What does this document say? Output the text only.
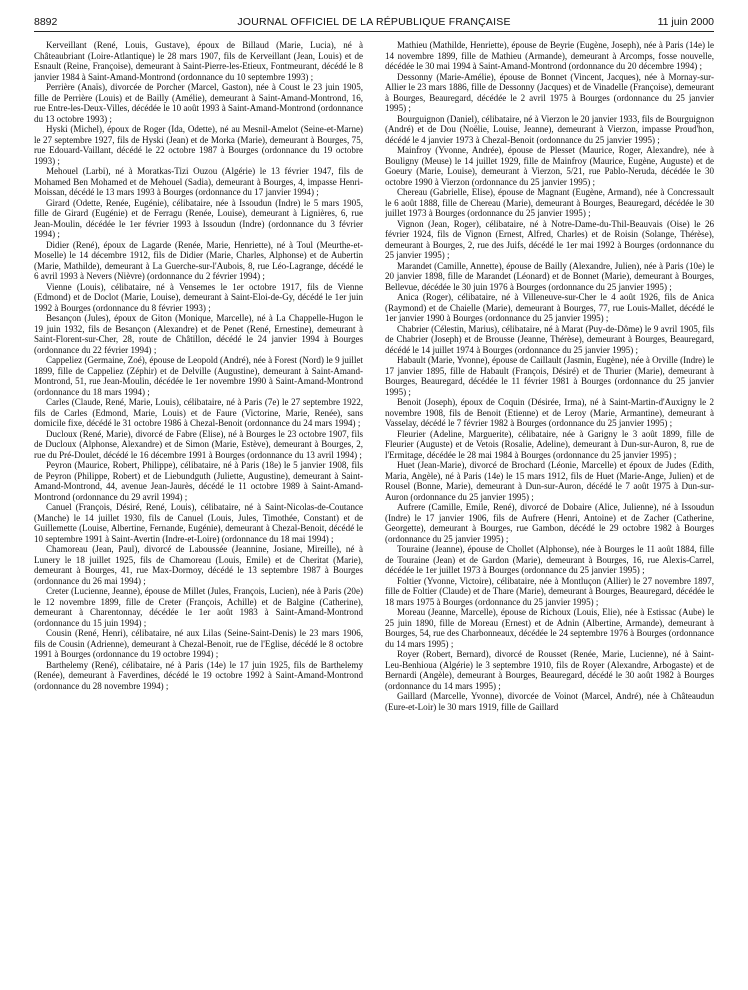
8892	JOURNAL OFFICIEL DE LA RÉPUBLIQUE FRANÇAISE	11 juin 2000

Kerveillant (René, Louis, Gustave), époux de Billaud (Marie, Lucia), né à Châteaubriant (Loire-Atlantique) le 28 mars 1907, fils de Kerveillant (Jean, Louis) et de Esnault (Reine, Françoise), demeurant à Saint-Pierre-les-Etieux, Fontmeurant, décédé le 8 janvier 1984 à Saint-Amand-Montrond (ordonnance du 10 septembre 1993) ;

Perrière (Anaïs), divorcée de Porcher (Marcel, Gaston), née à Coust le 23 juin 1905, fille de Perrière (Louis) et de Bailly (Amélie), demeurant à Saint-Amand-Montrond, 16, rue Entre-les-Deux-Villes, décédée le 10 août 1993 à Saint-Amand-Montrond (ordonnance du 13 octobre 1993) ;

Hyski (Michel), époux de Roger (Ida, Odette), né au Mesnil-Amelot (Seine-et-Marne) le 27 septembre 1927, fils de Hyski (Jean) et de Morka (Marie), demeurant à Bourges, 75, rue Edouard-Vaillant, décédé le 22 octobre 1987 à Bourges (ordonnance du 19 octobre 1993) ;

Mehouel (Larbi), né à Moratkas-Tizi Ouzou (Algérie) le 13 février 1947, fils de Mohamed Ben Mohamed et de Mehouel (Sadia), demeurant à Bourges, 4, impasse Henri-Moissan, décédé le 13 mars 1993 à Bourges (ordonnance du 17 janvier 1994) ;

Girard (Odette, Renée, Eugénie), célibataire, née à Issoudun (Indre) le 5 mars 1905, fille de Girard (Eugénie) et de Ferragu (Renée, Louise), demeurant à Lignières, 6, rue Jean-Moulin, décédée le 1er février 1993 à Issoudun (Indre) (ordonnance du 3 février 1994) ;

Didier (René), époux de Lagarde (Renée, Marie, Henriette), né à Toul (Meurthe-et-Moselle) le 14 décembre 1912, fils de Didier (Marie, Charles, Alphonse) et de Aubertin (Marie, Mathilde), demeurant à La Guerche-sur-l'Aubois, 8, rue Léo-Lagrange, décédé le 6 avril 1993 à Nevers (Nièvre) (ordonnance du 2 février 1994) ;

Vienne (Louis), célibataire, né à Vensemes le 1er octobre 1917, fils de Vienne (Edmond) et de Doclot (Marie, Louise), demeurant à Saint-Eloi-de-Gy, décédé le 1er juin 1992 à Bourges (ordonnance du 8 février 1993) ;

Besançon (Jules), époux de Giton (Monique, Marcelle), né à La Chappelle-Hugon le 19 juin 1932, fils de Besançon (Alexandre) et de Penet (René, Ernestine), demeurant à Saint-Florent-sur-Cher, 28, route de Châtillon, décédé le 24 janvier 1994 à Bourges (ordonnance du 22 février 1994) ;

Cappeliez (Germaine, Zoé), épouse de Leopold (André), née à Forest (Nord) le 9 juillet 1899, fille de Cappeliez (Zéphir) et de Delville (Augustine), demeurant à Saint-Amand-Montrond, 51, rue Jean-Moulin, décédée le 1er novembre 1990 à Saint-Amand-Montrond (ordonnance du 18 mars 1994) ;

Carles (Claude, René, Marie, Louis), célibataire, né à Paris (7e) le 27 septembre 1922, fils de Carles (Edmond, Marie, Louis) et de Faure (Victorine, Marie, Renée), sans domicile fixe, décédé le 31 octobre 1986 à Chezal-Benoit (ordonnance du 24 mars 1994) ;

Ducloux (René, Marie), divorcé de Fabre (Elise), né à Bourges le 23 octobre 1907, fils de Ducloux (Alphonse, Alexandre) et de Simon (Marie, Estève), demeurant à Bourges, 2, rue du Pré-Doulet, décédé le 16 décembre 1991 à Bourges (ordonnance du 13 avril 1994) ;

Peyron (Maurice, Robert, Philippe), célibataire, né à Paris (18e) le 5 janvier 1908, fils de Peyron (Philippe, Robert) et de Liebundguth (Juliette, Augustine), demeurant à Saint-Amand-Montrond, 44, avenue Jean-Jaurès, décédé le 11 octobre 1989 à Saint-Amand-Montrond (ordonnance du 29 avril 1994) ;

Canuel (François, Désiré, René, Louis), célibataire, né à Saint-Nicolas-de-Coutance (Manche) le 14 juillet 1930, fils de Canuel (Louis, Jules, Timothée, Constant) et de Guillemette (Louise, Albertine, Fernande, Eugénie), demeurant à Chezal-Benoit, décédé le 10 septembre 1991 à Saint-Avertin (Indre-et-Loire) (ordonnance du 18 mai 1994) ;

Chamoreau (Jean, Paul), divorcé de Laboussée (Jeannine, Josiane, Mireille), né à Lunery le 18 juillet 1925, fils de Chamoreau (Louis, Emile) et de Cheritat (Marie), demeurant à Bourges, 41, rue Max-Dormoy, décédé le 13 septembre 1987 à Bourges (ordonnance du 26 mai 1994) ;

Creter (Lucienne, Jeanne), épouse de Millet (Jules, François, Lucien), née à Paris (20e) le 12 novembre 1899, fille de Creter (François, Achille) et de Balgine (Catherine), demeurant à Charentonnay, décédée le 1er août 1983 à Saint-Amand-Montrond (ordonnance du 15 juin 1994) ;

Cousin (René, Henri), célibataire, né aux Lilas (Seine-Saint-Denis) le 23 mars 1906, fils de Cousin (Adrienne), demeurant à Chezal-Benoit, rue de l'Eglise, décédé le 8 octobre 1991 à Bourges (ordonnance du 19 octobre 1994) ;

Barthelemy (René), célibataire, né à Paris (14e) le 17 juin 1925, fils de Barthelemy (Renée), demeurant à Faverdines, décédé le 19 octobre 1992 à Saint-Amand-Montrond (ordonnance du 28 novembre 1994) ;

Mathieu (Mathilde, Henriette), épouse de Beyrie (Eugène, Joseph), née à Paris (14e) le 14 novembre 1899, fille de Mathieu (Armande), demeurant à Arcomps, fosse nouvelle, décédée le 30 mai 1994 à Saint-Amand-Montrond (ordonnance du 20 décembre 1994) ;

Dessonny (Marie-Amélie), épouse de Bonnet (Vincent, Jacques), née à Mornay-sur-Allier le 23 mars 1886, fille de Dessonny (Jacques) et de Vinadelle (Françoise), demeurant à Bourges, Beauregard, décédée le 2 avril 1975 à Bourges (ordonnance du 25 janvier 1995) ;

Bourguignon (Daniel), célibataire, né à Vierzon le 20 janvier 1933, fils de Bourguignon (André) et de Dou (Noëlie, Louise, Jeanne), demeurant à Vierzon, impasse Proud'hon, décédé le 4 janvier 1973 à Chezal-Benoit (ordonnance du 25 janvier 1995) ;

Mainfroy (Yvonne, Andrée), épouse de Plesset (Maurice, Roger, Alexandre), née à Bouligny (Meuse) le 14 juillet 1929, fille de Mainfroy (Maurice, Eugène, Auguste) et de Goeury (Marie, Louise), demeurant à Vierzon, 5/21, rue Pablo-Neruda, décédée le 30 octobre 1990 à Vierzon (ordonnance du 25 janvier 1995) ;

Chereau (Gabrielle, Elise), épouse de Magnant (Eugène, Armand), née à Concressault le 6 août 1888, fille de Chereau (Marie), demeurant à Bourges, Beauregard, décédée le 30 juillet 1973 à Bourges (ordonnance du 25 janvier 1995) ;

Vignon (Jean, Roger), célibataire, né à Notre-Dame-du-Thil-Beauvais (Oise) le 26 février 1924, fils de Vignon (Ernest, Alfred, Charles) et de Roisin (Solange, Thérèse), demeurant à Bourges, 2, rue des Juifs, décédé le 1er mai 1992 à Bourges (ordonnance du 25 janvier 1995) ;

Marandet (Camille, Annette), épouse de Bailly (Alexandre, Julien), née à Paris (10e) le 20 janvier 1898, fille de Marandet (Léonard) et de Bonnet (Marie), demeurant à Bourges, Bellevue, décédée le 30 juin 1976 à Bourges (ordonnance du 25 janvier 1995) ;

Anica (Roger), célibataire, né à Villeneuve-sur-Cher le 4 août 1926, fils de Anica (Raymond) et de Chaielle (Marie), demeurant à Bourges, 77, rue Louis-Mallet, décédé le 1er janvier 1990 à Bourges (ordonnance du 25 janvier 1995) ;

Chabrier (Célestin, Marius), célibataire, né à Marat (Puy-de-Dôme) le 9 avril 1905, fils de Chabrier (Joseph) et de Brousse (Jeanne, Thérèse), demeurant à Bourges, Beauregard, décédé le 14 juillet 1974 à Bourges (ordonnance du 25 janvier 1995) ;

Habault (Marie, Yvonne), épouse de Caillault (Jasmin, Eugène), née à Orville (Indre) le 17 janvier 1895, fille de Habault (François, Désiré) et de Thurier (Marie), demeurant à Bourges, Beauregard, décédée le 11 février 1981 à Bourges (ordonnance du 25 janvier 1995) ;

Benoit (Joseph), époux de Coquin (Désirée, Irma), né à Saint-Martin-d'Auxigny le 2 novembre 1908, fils de Benoit (Etienne) et de Leroy (Marie, Armantine), demeurant à Vasselay, décédé le 7 février 1982 à Bourges (ordonnance du 25 janvier 1995) ;

Fleurier (Adeline, Marguerite), célibataire, née à Garigny le 3 août 1899, fille de Fleurier (Auguste) et de Vetois (Rosalie, Adeline), demeurant à Dun-sur-Auron, 8, rue de l'Ermitage, décédée le 28 mai 1984 à Bourges (ordonnance du 25 janvier 1995) ;

Huet (Jean-Marie), divorcé de Brochard (Léonie, Marcelle) et époux de Judes (Edith, Maria, Angèle), né à Paris (14e) le 15 mars 1912, fils de Huet (Marie-Ange, Julien) et de Rousel (Bonne, Marie), demeurant à Dun-sur-Auron, décédé le 7 août 1975 à Dun-sur-Auron (ordonnance du 25 janvier 1995) ;

Aufrere (Camille, Emile, René), divorcé de Dobaire (Alice, Julienne), né à Issoudun (Indre) le 17 janvier 1906, fils de Aufrere (Henri, Antoine) et de Zacher (Catherine, Georgette), demeurant à Bourges, rue Gambon, décédé le 29 octobre 1982 à Bourges (ordonnance du 25 janvier 1995) ;

Touraine (Jeanne), épouse de Chollet (Alphonse), née à Bourges le 11 août 1884, fille de Touraine (Jean) et de Gardon (Marie), demeurant à Bourges, 16, rue Alexis-Carrel, décédée le 1er juillet 1973 à Bourges (ordonnance du 25 janvier 1995) ;

Foltier (Yvonne, Victoire), célibataire, née à Montluçon (Allier) le 27 novembre 1897, fille de Foltier (Claude) et de Thare (Marie), demeurant à Bourges, Beauregard, décédée le 18 mars 1975 à Bourges (ordonnance du 25 janvier 1995) ;

Moreau (Jeanne, Marcelle), épouse de Richoux (Louis, Elie), née à Estissac (Aube) le 25 juin 1890, fille de Moreau (Ernest) et de Adnin (Albertine, Armande), demeurant à Bourges, 54, rue des Charbonneaux, décédée le 24 septembre 1976 à Bourges (ordonnance du 14 mars 1995) ;

Royer (Robert, Bernard), divorcé de Rousset (Renée, Marie, Lucienne), né à Saint-Leu-Benhioua (Algérie) le 3 septembre 1910, fils de Royer (Alexandre, Arbogaste) et de Bernardi (Angèle), demeurant à Bourges, Beauregard, décédé le 30 août 1982 à Bourges (ordonnance du 14 mars 1995) ;

Gaillard (Marcelle, Yvonne), divorcée de Voinot (Marcel, André), née à Châteaudun (Eure-et-Loir) le 30 mars 1919, fille de Gaillard
